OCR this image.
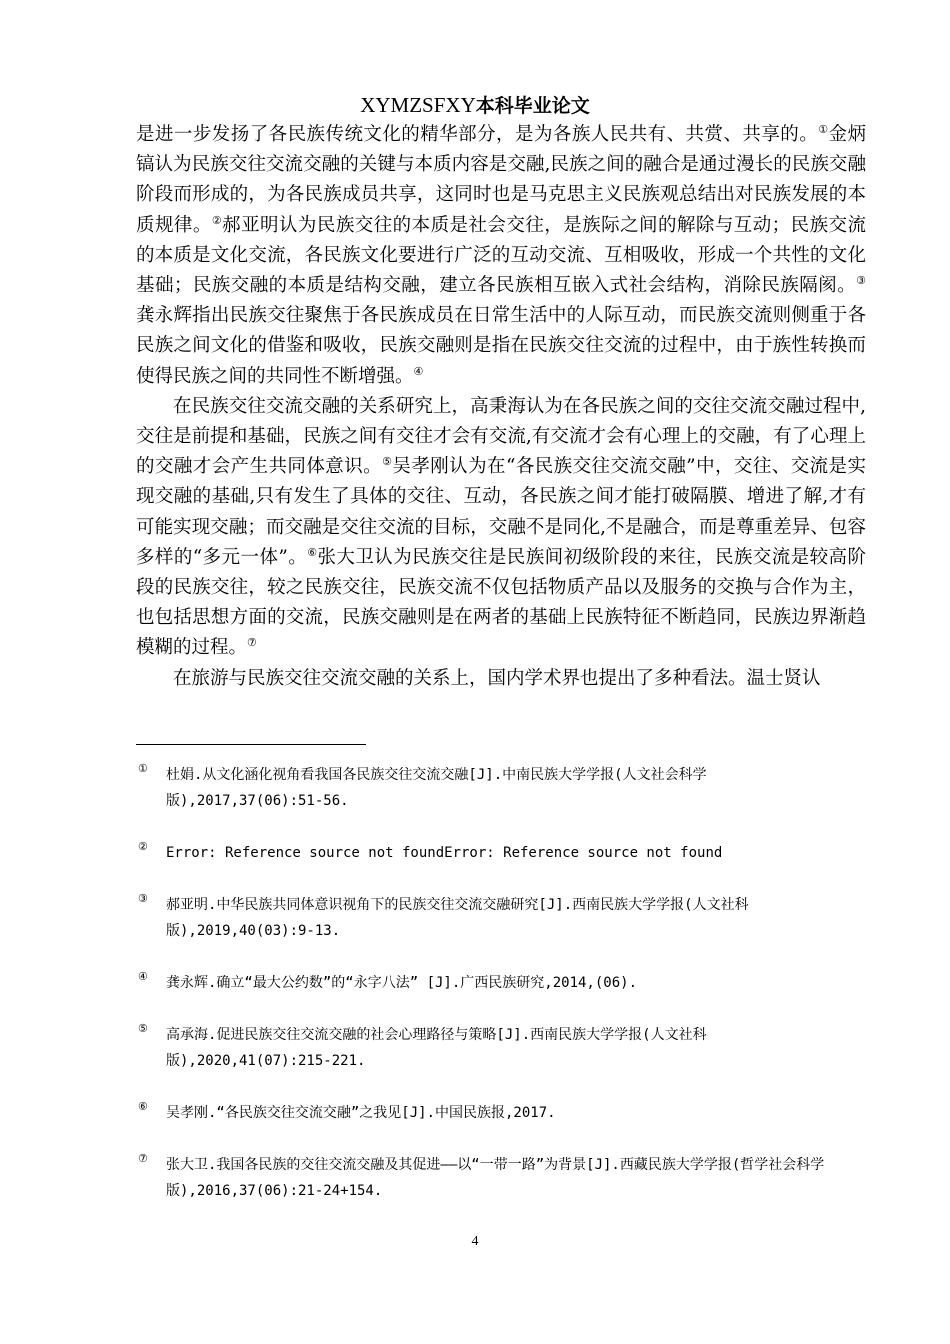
XYMZSFXY本科毕业论文

是进一步发扬了各民族传统文化的精华部分，是为各族人民共有、共赏、共享的。①金炳镐认为民族交往交流交融的关键与本质内容是交融,民族之间的融合是通过漫长的民族交融阶段而形成的，为各民族成员共享，这同时也是马克思主义民族观总结出对民族发展的本质规律。②郝亚明认为民族交往的本质是社会交往，是族际之间的解除与互动；民族交流的本质是文化交流，各民族文化要进行广泛的互动交流、互相吸收，形成一个共性的文化基础；民族交融的本质是结构交融，建立各民族相互嵌入式社会结构，消除民族隔阂。③龚永辉指出民族交往聚焦于各民族成员在日常生活中的人际互动，而民族交流则侧重于各民族之间文化的借鉴和吸收，民族交融则是指在民族交往交流的过程中，由于族性转换而使得民族之间的共同性不断增强。④

在民族交往交流交融的关系研究上，高秉海认为在各民族之间的交往交流交融过程中,交往是前提和基础，民族之间有交往才会有交流,有交流才会有心理上的交融，有了心理上的交融才会产生共同体意识。⑤吴孝刚认为在“各民族交往交流交融”中，交往、交流是实现交融的基础,只有发生了具体的交往、互动，各民族之间才能打破隔膜、增进了解,才有可能实现交融；而交融是交往交流的目标，交融不是同化,不是融合，而是尊重差异、包容多样的“多元一体”。⑥张大卫认为民族交往是民族间初级阶段的来往，民族交流是较高阶段的民族交往，较之民族交往，民族交流不仅包括物质产品以及服务的交换与合作为主，也包括思想方面的交流，民族交融则是在两者的基础上民族特征不断趋同，民族边界渐趋模糊的过程。⑦

在旅游与民族交往交流交融的关系上，国内学术界也提出了多种看法。温士贤认

① 杜娟.从文化涵化视角看我国各民族交往交流交融[J].中南民族大学学报(人文社会科学版),2017,37(06):51-56.
② Error: Reference source not foundError: Reference source not found
③ 郝亚明.中华民族共同体意识视角下的民族交往交流交融研究[J].西南民族大学学报(人文社科版),2019,40(03):9-13.
④ 龚永辉.确立“最大公约数”的“永字八法” [J].广西民族研究,2014,(06).
⑤ 高承海.促进民族交往交流交融的社会心理路径与策略[J].西南民族大学学报(人文社科版),2020,41(07):215-221.
⑥ 吴孝刚.“各民族交往交流交融”之我见[J].中国民族报,2017.
⑦ 张大卫.我国各民族的交往交流交融及其促进——以“一带一路”为背景[J].西藏民族大学学报(哲学社会科学版),2016,37(06):21-24+154.
4
